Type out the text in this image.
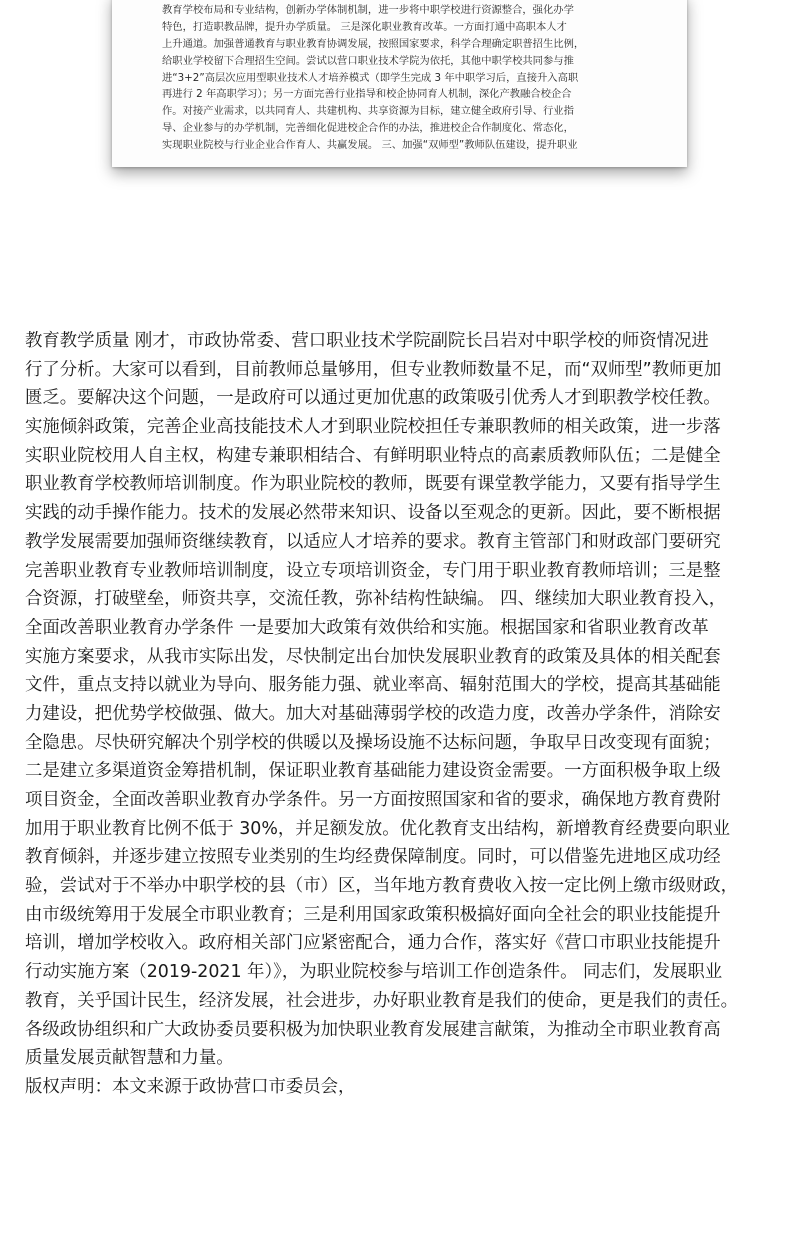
教育学校布局和专业结构，创新办学体制机制，进一步将中职学校进行资源整合，强化办学
特色，打造职教品牌，提升办学质量。 三是深化职业教育改革。一方面打通中高职本人才
上升通道。加强普通教育与职业教育协调发展，按照国家要求，科学合理确定职普招生比例，
给职业学校留下合理招生空间。尝试以营口职业技术学院为依托，其他中职学校共同参与推
进“3+2”高层次应用型职业技术人才培养模式（即学生完成 3 年中职学习后，直接升入高职
再进行 2 年高职学习）；另一方面完善行业指导和校企协同育人机制，深化产教融合校企合
作。对接产业需求，以共同育人、共建机构、共享资源为目标，建立健全政府引导、行业指
导、企业参与的办学机制，完善细化促进校企合作的办法，推进校企合作制度化、常态化，
实现职业院校与行业企业合作育人、共赢发展。 三、加强“双师型”教师队伍建设，提升职业
教育教学质量 刚才，市政协常委、营口职业技术学院副院长吕岩对中职学校的师资情况进
行了分析。大家可以看到，目前教师总量够用，但专业教师数量不足，而“双师型”教师更加
匮乏。要解决这个问题，一是政府可以通过更加优惠的政策吸引优秀人才到职教学校任教。
实施倾斜政策，完善企业高技能技术人才到职业院校担任专兼职教师的相关政策，进一步落
实职业院校用人自主权，构建专兼职相结合、有鲜明职业特点的高素质教师队伍；二是健全
职业教育学校教师培训制度。作为职业院校的教师，既要有课堂教学能力，又要有指导学生
实践的动手操作能力。技术的发展必然带来知识、设备以至观念的更新。因此，要不断根据
教学发展需要加强师资继续教育，以适应人才培养的要求。教育主管部门和财政部门要研究
完善职业教育专业教师培训制度，设立专项培训资金，专门用于职业教育教师培训；三是整
合资源，打破壁垒，师资共享，交流任教，弥补结构性缺编。 四、继续加大职业教育投入，
全面改善职业教育办学条件 一是要加大政策有效供给和实施。根据国家和省职业教育改革
实施方案要求，从我市实际出发，尽快制定出台加快发展职业教育的政策及具体的相关配套
文件，重点支持以就业为导向、服务能力强、就业率高、辐射范围大的学校，提高其基础能
力建设，把优势学校做强、做大。加大对基础薄弱学校的改造力度，改善办学条件，消除安
全隐患。尽快研究解决个别学校的供暖以及操场设施不达标问题，争取早日改变现有面貌；
二是建立多渠道资金筹措机制，保证职业教育基础能力建设资金需要。一方面积极争取上级
项目资金，全面改善职业教育办学条件。另一方面按照国家和省的要求，确保地方教育费附
加用于职业教育比例不低于 30%，并足额发放。优化教育支出结构，新增教育经费要向职业
教育倾斜，并逐步建立按照专业类别的生均经费保障制度。同时，可以借鉴先进地区成功经
验，尝试对于不举办中职学校的县（市）区，当年地方教育费收入按一定比例上缴市级财政，
由市级统筹用于发展全市职业教育；三是利用国家政策积极搞好面向全社会的职业技能提升
培训，增加学校收入。政府相关部门应紧密配合，通力合作，落实好《营口市职业技能提升
行动实施方案（2019-2021 年）》，为职业院校参与培训工作创造条件。 同志们，发展职业
教育，关乎国计民生，经济发展，社会进步，办好职业教育是我们的使命，更是我们的责任。
各级政协组织和广大政协委员要积极为加快职业教育发展建言献策，为推动全市职业教育高
质量发展贡献智慧和力量。
版权声明：本文来源于政协营口市委员会，
